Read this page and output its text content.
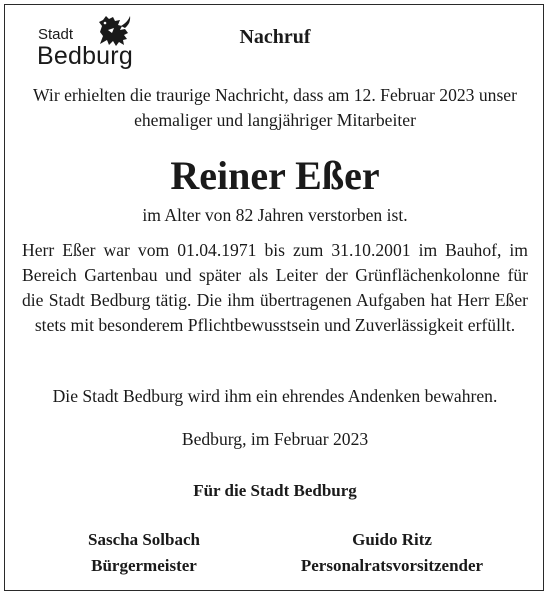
Stadt
Bedburg
Nachruf
Wir erhielten die traurige Nachricht, dass am 12. Februar 2023 unser ehemaliger und langjähriger Mitarbeiter
Reiner Eßer
im Alter von 82 Jahren verstorben ist.
Herr Eßer war vom 01.04.1971 bis zum 31.10.2001 im Bauhof, im Bereich Gartenbau und später als Leiter der Grünflächenkolonne für die Stadt Bedburg tätig. Die ihm übertragenen Aufgaben hat Herr Eßer stets mit besonderem Pflichtbewusstsein und Zuverlässigkeit erfüllt.
Die Stadt Bedburg wird ihm ein ehrendes Andenken bewahren.
Bedburg, im Februar 2023
Für die Stadt Bedburg
Sascha Solbach
Bürgermeister
Guido Ritz
Personalratsvorsitzender
